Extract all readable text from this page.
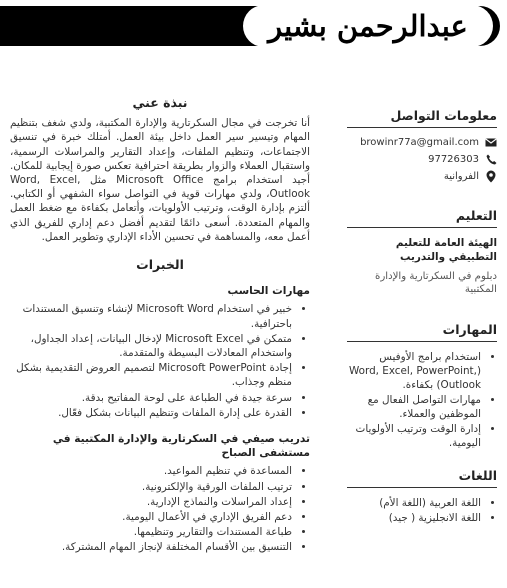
عبدالرحمن بشير
معلومات التواصل
browinr77a@gmail.com
97726303
الفروانية
التعليم
الهيئة العامة للتعليم التطبيقي والتدريب
دبلوم في السكرتارية والإدارة المكتبية
المهارات
• استخدام برامج الأوفيس (Word, Excel, PowerPoint, Outlook) بكفاءة.
• مهارات التواصل الفعال مع الموظفين والعملاء.
• إدارة الوقت وترتيب الأولويات اليومية.
اللغات
• اللغة العربية (اللغة الأم)
• اللغة الانجليزية ( جيد)
نبذة عني

أنا تخرجت في مجال السكرتارية والإدارة المكتبية، ولدي شغف بتنظيم المهام وتيسير سير العمل داخل بيئة العمل. أمتلك خبرة في تنسيق الاجتماعات، وتنظيم الملفات، وإعداد التقارير والمراسلات الرسمية، واستقبال العملاء والزوار بطريقة احترافية تعكس صورة إيجابية للمكان. أجيد استخدام برامج Microsoft Office مثل Word, Excel, Outlook، ولدي مهارات قوية في التواصل سواء الشفهي أو الكتابي. ألتزم بإدارة الوقت، وترتيب الأولويات، وأتعامل بكفاءة مع ضغط العمل والمهام المتعددة. أسعى دائمًا لتقديم أفضل دعم إداري للفريق الذي أعمل معه، والمساهمة في تحسين الأداء الإداري وتطوير العمل.

الخبرات
مهارات الحاسب
• خبير في استخدام Microsoft Word لإنشاء وتنسيق المستندات باحترافية.
• متمكن في Microsoft Excel لإدخال البيانات، إعداد الجداول، واستخدام المعادلات البسيطة والمتقدمة.
• إجادة Microsoft PowerPoint لتصميم العروض التقديمية بشكل منظم وجذاب.
• سرعة جيدة في الطباعة على لوحة المفاتيح بدقة.
• القدرة على إدارة الملفات وتنظيم البيانات بشكل فعّال.
تدريب صيفي في السكرتارية والإدارة المكتبية في مستشفى الصباح
• المساعدة في تنظيم المواعيد.
• ترتيب الملفات الورقية والإلكترونية.
• إعداد المراسلات والنماذج الإدارية.
• دعم الفريق الإداري في الأعمال اليومية.
• طباعة المستندات والتقارير وتنظيمها.
• التنسيق بين الأقسام المختلفة لإنجاز المهام المشتركة.
